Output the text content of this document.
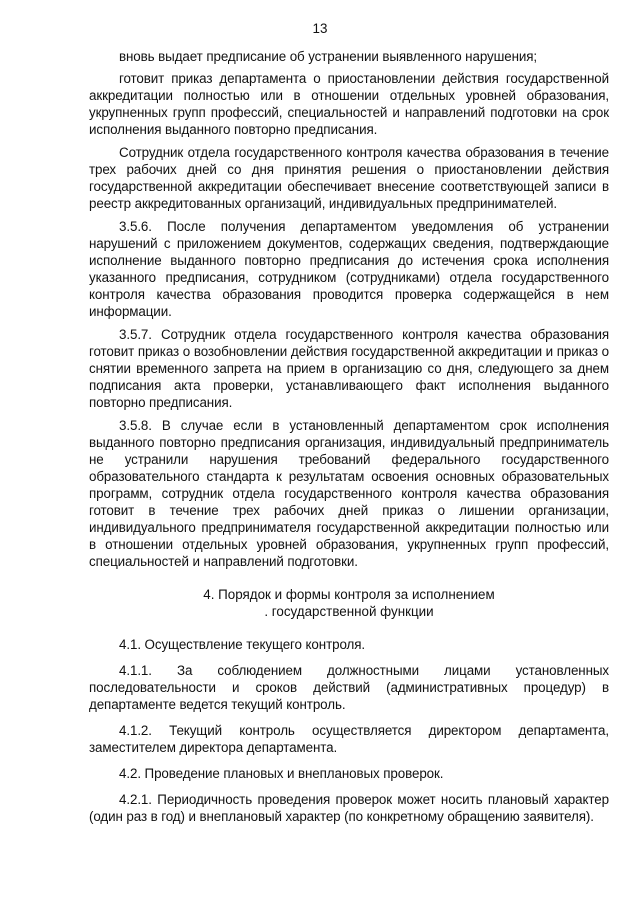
13

вновь выдает предписание об устранении выявленного нарушения;

готовит приказ департамента о приостановлении действия государственной аккредитации полностью или в отношении отдельных уровней образования, укрупненных групп профессий, специальностей и направлений подготовки на срок исполнения выданного повторно предписания.

Сотрудник отдела государственного контроля качества образования в течение трех рабочих дней со дня принятия решения о приостановлении действия государственной аккредитации обеспечивает внесение соответствующей записи в реестр аккредитованных организаций, индивидуальных предпринимателей.

3.5.6. После получения департаментом уведомления об устранении нарушений с приложением документов, содержащих сведения, подтверждающие исполнение выданного повторно предписания до истечения срока исполнения указанного предписания, сотрудником (сотрудниками) отдела государственного контроля качества образования проводится проверка содержащейся в нем информации.

3.5.7. Сотрудник отдела государственного контроля качества образования готовит приказ о возобновлении действия государственной аккредитации и приказ о снятии временного запрета на прием в организацию со дня, следующего за днем подписания акта проверки, устанавливающего факт исполнения выданного повторно предписания.

3.5.8. В случае если в установленный департаментом срок исполнения выданного повторно предписания организация, индивидуальный предприниматель не устранили нарушения требований федерального государственного образовательного стандарта к результатам освоения основных образовательных программ, сотрудник отдела государственного контроля качества образования готовит в течение трех рабочих дней приказ о лишении организации, индивидуального предпринимателя государственной аккредитации полностью или в отношении отдельных уровней образования, укрупненных групп профессий, специальностей и направлений подготовки.

4. Порядок и формы контроля за исполнением
. государственной функции

4.1. Осуществление текущего контроля.

4.1.1. За соблюдением должностными лицами установленных последовательности и сроков действий (административных процедур) в департаменте ведется текущий контроль.

4.1.2. Текущий контроль осуществляется директором департамента, заместителем директора департамента.

4.2. Проведение плановых и внеплановых проверок.

4.2.1. Периодичность проведения проверок может носить плановый характер (один раз в год) и внеплановый характер (по конкретному обращению заявителя).
